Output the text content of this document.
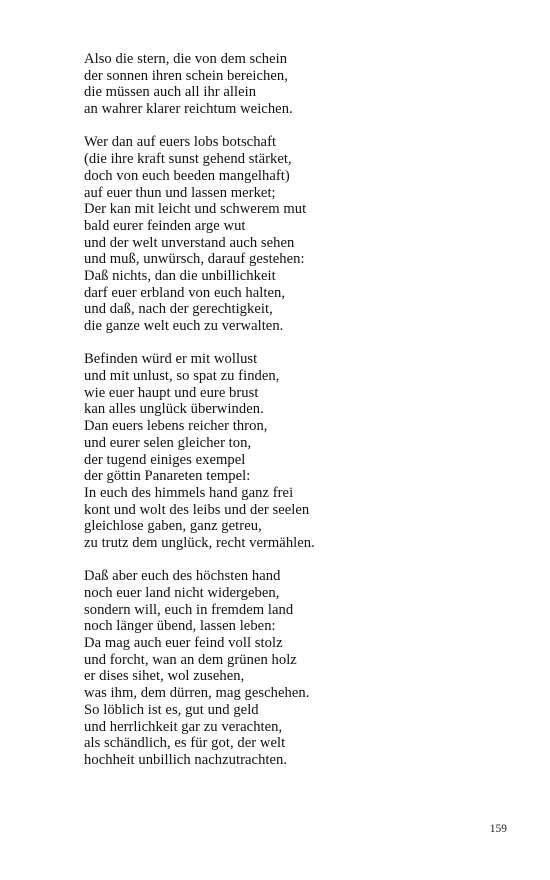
Also die stern, die von dem schein
der sonnen ihren schein bereichen,
die müssen auch all ihr allein
an wahrer klarer reichtum weichen.
Wer dan auf euers lobs botschaft
(die ihre kraft sunst gehend stärket,
doch von euch beeden mangelhaft)
auf euer thun und lassen merket;
Der kan mit leicht und schwerem mut
bald eurer feinden arge wut
und der welt unverstand auch sehen
und muß, unwürsch, darauf gestehen:
Daß nichts, dan die unbillichkeit
darf euer erbland von euch halten,
und daß, nach der gerechtigkeit,
die ganze welt euch zu verwalten.
Befinden würd er mit wollust
und mit unlust, so spat zu finden,
wie euer haupt und eure brust
kan alles unglück überwinden.
Dan euers lebens reicher thron,
und eurer selen gleicher ton,
der tugend einiges exempel
der göttin Panareten tempel:
In euch des himmels hand ganz frei
kont und wolt des leibs und der seelen
gleichlose gaben, ganz getreu,
zu trutz dem unglück, recht vermählen.
Daß aber euch des höchsten hand
noch euer land nicht widergeben,
sondern will, euch in fremdem land
noch länger übend, lassen leben:
Da mag auch euer feind voll stolz
und forcht, wan an dem grünen holz
er dises sihet, wol zusehen,
was ihm, dem dürren, mag geschehen.
So löblich ist es, gut und geld
und herrlichkeit gar zu verachten,
als schändlich, es für got, der welt
hochheit unbillich nachzutrachten.
159
